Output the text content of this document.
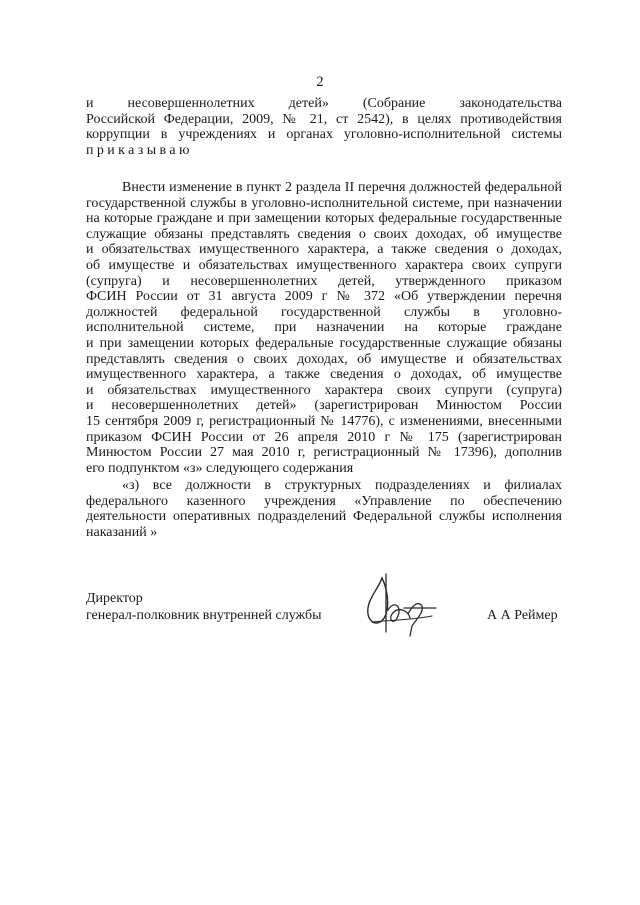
2

и несовершеннолетних детей» (Собрание законодательства

Российской Федерации, 2009, № 21, ст 2542), в целях противодействия

коррупции в учреждениях и органах уголовно-исполнительной системы

приказываю

Внести изменение в пункт 2 раздела II перечня должностей федеральной

государственной службы в уголовно-исполнительной системе, при назначении

на которые граждане и при замещении которых федеральные государственные

служащие обязаны представлять сведения о своих доходах, об имуществе

и обязательствах имущественного характера, а также сведения о доходах,

об имуществе и обязательствах имущественного характера своих супруги

(супруга) и несовершеннолетних детей, утвержденного приказом

ФСИН России от 31 августа 2009 г № 372 «Об утверждении перечня

должностей федеральной государственной службы в уголовно-

исполнительной системе, при назначении на которые граждане

и при замещении которых федеральные государственные служащие обязаны

представлять сведения о своих доходах, об имуществе и обязательствах

имущественного характера, а также сведения о доходах, об имуществе

и обязательствах имущественного характера своих супруги (супруга)

и несовершеннолетних детей» (зарегистрирован Минюстом России

15 сентября 2009 г, регистрационный № 14776), с изменениями, внесенными

приказом ФСИН России от 26 апреля 2010 г № 175 (зарегистрирован

Минюстом России 27 мая 2010 г, регистрационный № 17396), дополнив

его подпунктом «з» следующего содержания

«з) все должности в структурных подразделениях и филиалах

федерального казенного учреждения «Управление по обеспечению

деятельности оперативных подразделений Федеральной службы исполнения

наказаний »

Директор
генерал-полковник внутренней службы	А А Реймер
